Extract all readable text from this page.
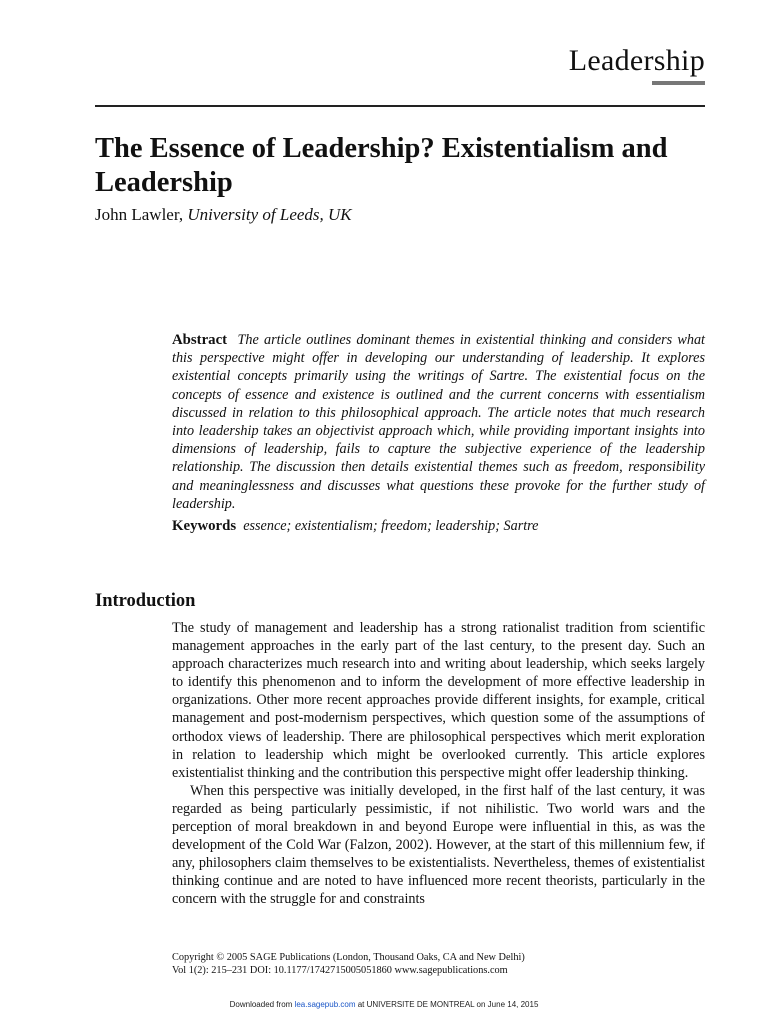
Leadership
The Essence of Leadership? Existentialism and Leadership
John Lawler, University of Leeds, UK

Abstract The article outlines dominant themes in existential thinking and considers what this perspective might offer in developing our understanding of leadership. It explores existential concepts primarily using the writings of Sartre. The existential focus on the concepts of essence and existence is outlined and the current concerns with essentialism discussed in relation to this philosophical approach. The article notes that much research into leadership takes an objectivist approach which, while providing important insights into dimensions of leadership, fails to capture the subjective experience of the leadership relationship. The discussion then details existential themes such as freedom, responsibility and meaninglessness and discusses what questions these provoke for the further study of leadership.

Keywords essence; existentialism; freedom; leadership; Sartre

Introduction

The study of management and leadership has a strong rationalist tradition from scientific management approaches in the early part of the last century, to the present day. Such an approach characterizes much research into and writing about leadership, which seeks largely to identify this phenomenon and to inform the development of more effective leadership in organizations. Other more recent approaches provide different insights, for example, critical management and post-modernism perspectives, which question some of the assumptions of orthodox views of leadership. There are philosophical perspectives which merit exploration in relation to leadership which might be overlooked currently. This article explores existentialist thinking and the contribution this perspective might offer leadership thinking.

When this perspective was initially developed, in the first half of the last century, it was regarded as being particularly pessimistic, if not nihilistic. Two world wars and the perception of moral breakdown in and beyond Europe were influential in this, as was the development of the Cold War (Falzon, 2002). However, at the start of this millennium few, if any, philosophers claim themselves to be existentialists. Nevertheless, themes of existentialist thinking continue and are noted to have influenced more recent theorists, particularly in the concern with the struggle for and constraints

Copyright © 2005 SAGE Publications (London, Thousand Oaks, CA and New Delhi)
Vol 1(2): 215–231 DOI: 10.1177/1742715005051860 www.sagepublications.com
Downloaded from lea.sagepub.com at UNIVERSITE DE MONTREAL on June 14, 2015
